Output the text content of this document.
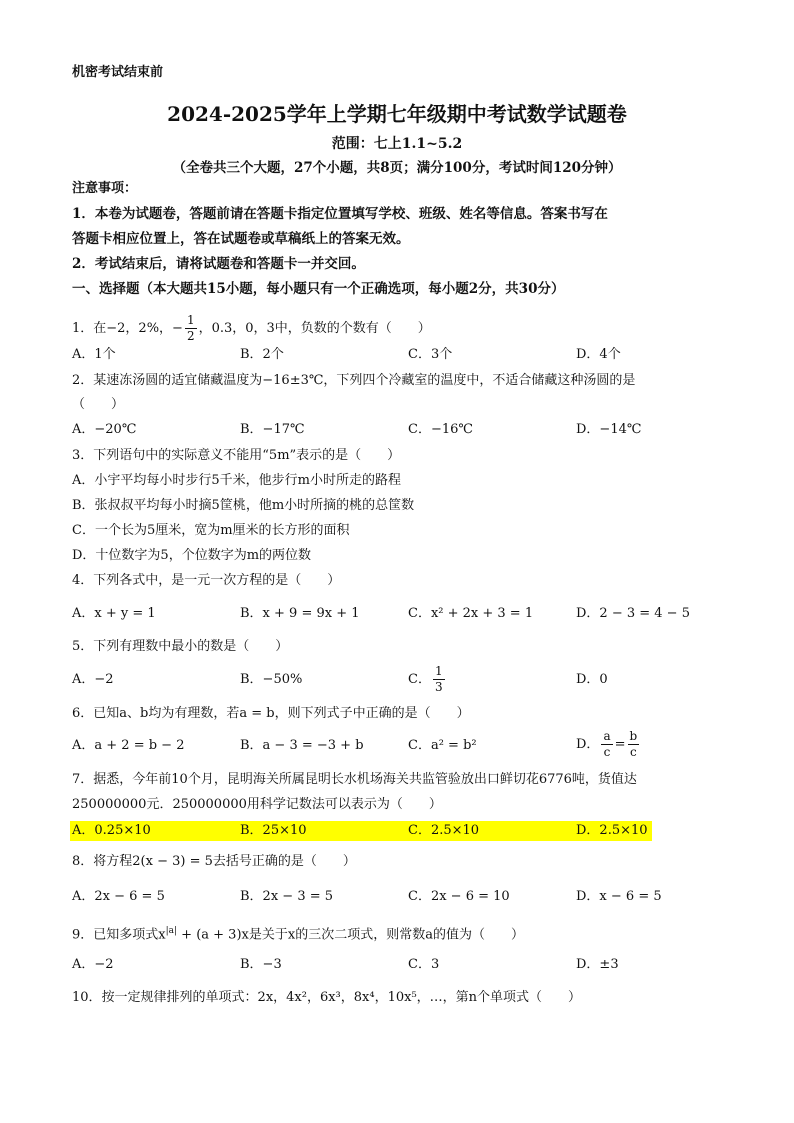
机密考试结束前
2024-2025学年上学期七年级期中考试数学试题卷
范围：七上1.1~5.2
（全卷共三个大题，27个小题，共8页；满分100分，考试时间120分钟）
注意事项：
1．本卷为试题卷，答题前请在答题卡指定位置填写学校、班级、姓名等信息。答案书写在
答题卡相应位置上，答在试题卷或草稿纸上的答案无效。
2．考试结束后，请将试题卷和答题卡一并交回。
一、选择题（本大题共15小题，每小题只有一个正确选项，每小题2分，共30分）
1．在−2，2%，− $\frac{1}{2}$ ，0.3，0，3中，负数的个数有（　　）
A．1个	B．2个	C．3个	D．4个
2．某速冻汤圆的适宜储藏温度为−16±3℃，下列四个冷藏室的温度中，不适合储藏这种汤圆的是
（　　）
A．−20℃	B．−17℃	C．−16℃	D．−14℃
3．下列语句中的实际意义不能用“5m”表示的是（　　）
A．小宇平均每小时步行5千米，他步行m小时所走的路程
B．张叔叔平均每小时摘5筐桃，他m小时所摘的桃的总筐数
C．一个长为5厘米，宽为m厘米的长方形的面积
D．十位数字为5，个位数字为m的两位数
4．下列各式中，是一元一次方程的是（　　）
A．x + y = 1	B．x + 9 = 9x + 1	C．x² + 2x + 3 = 1	D．2 − 3 = 4 − 5
5．下列有理数中最小的数是（　　）
A．−2	B．−50%	C． $\frac{1}{3}$	D．0
6．已知a、b均为有理数，若a = b，则下列式子中正确的是（　　）
A．a + 2 = b − 2	B．a − 3 = −3 + b	C．a² = b²	D． $\frac{a}{c} = \frac{b}{c}$
7．据悉，今年前10个月，昆明海关所属昆明长水机场海关共监管验放出口鲜切花6776吨，货值达
250000000元．250000000用科学记数法可以表示为（　　）
A．0.25×10	B．25×10	C．2.5×10	D．2.5×10
8．将方程2(x − 3) = 5去括号正确的是（　　）
A．2x − 6 = 5	B．2x − 3 = 5	C．2x − 6 = 10	D．x − 6 = 5
9．已知多项式$x^{|a|} + (a + 3)x$是关于x的三次二项式，则常数a的值为（　　）
A．−2	B．−3	C．3	D．±3
10．按一定规律排列的单项式：2x，4x²，6x³，8x⁴，10x⁵，…，第n个单项式（　　）
